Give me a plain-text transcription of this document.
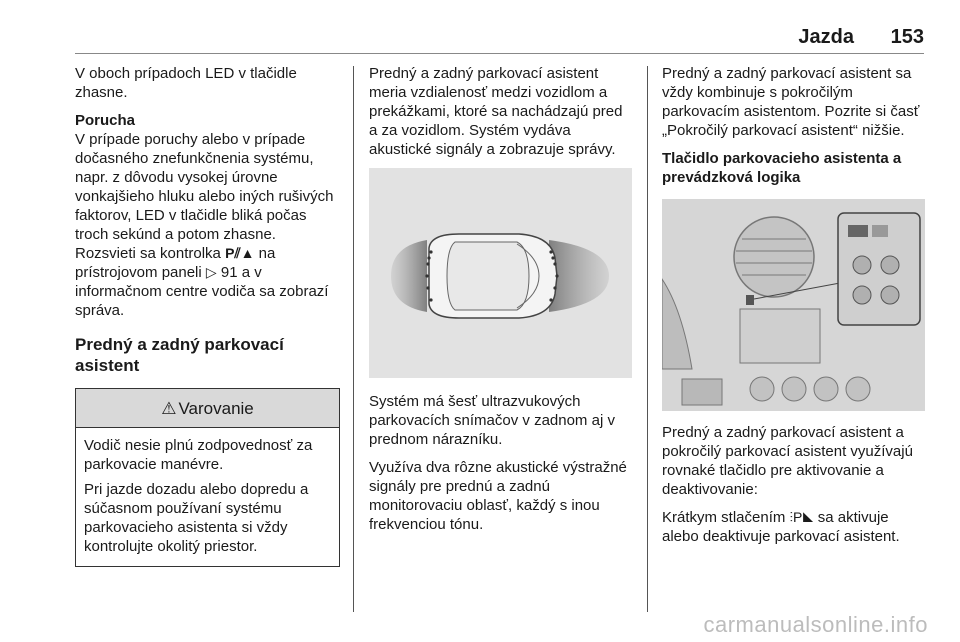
Jazda 153

V oboch prípadoch LED v tlačidle zhasne.

Porucha

V prípade poruchy alebo v prípade dočasného znefunkčnenia systému, napr. z dôvodu vysokej úrovne vonkajšieho hluku alebo iných rušivých faktorov, LED v tlačidle bliká počas troch sekúnd a potom zhasne. Rozsvieti sa kontrolka P⫽▲ na prístrojovom paneli ▷ 91 a v informačnom centre vodiča sa zobrazí správa.

Predný a zadný parkovací asistent
⚠ Varovanie

Vodič nesie plnú zodpovednosť za parkovacie manévre.

Pri jazde dozadu alebo dopredu a súčasnom používaní systému parkovacieho asistenta si vždy kontrolujte okolitý priestor.

Predný a zadný parkovací asistent meria vzdialenosť medzi vozidlom a prekážkami, ktoré sa nachádzajú pred a za vozidlom. Systém vydáva akustické signály a zobrazuje správy.

Systém má šesť ultrazvukových parkovacích snímačov v zadnom aj v prednom nárazníku.

Využíva dva rôzne akustické výstražné signály pre prednú a zadnú monitorovaciu oblasť, každý s inou frekvenciou tónu.

Predný a zadný parkovací asistent sa vždy kombinuje s pokročilým parkovacím asistentom. Pozrite si časť „Pokročilý parkovací asistent“ nižšie.

Tlačidlo parkovacieho asistenta a prevádzková logika

Predný a zadný parkovací asistent a pokročilý parkovací asistent využívajú rovnaké tlačidlo pre aktivovanie a deaktivovanie:

Krátkym stlačením ⫶P◣ sa aktivuje alebo deaktivuje parkovací asistent.

carmanualsonline.info
